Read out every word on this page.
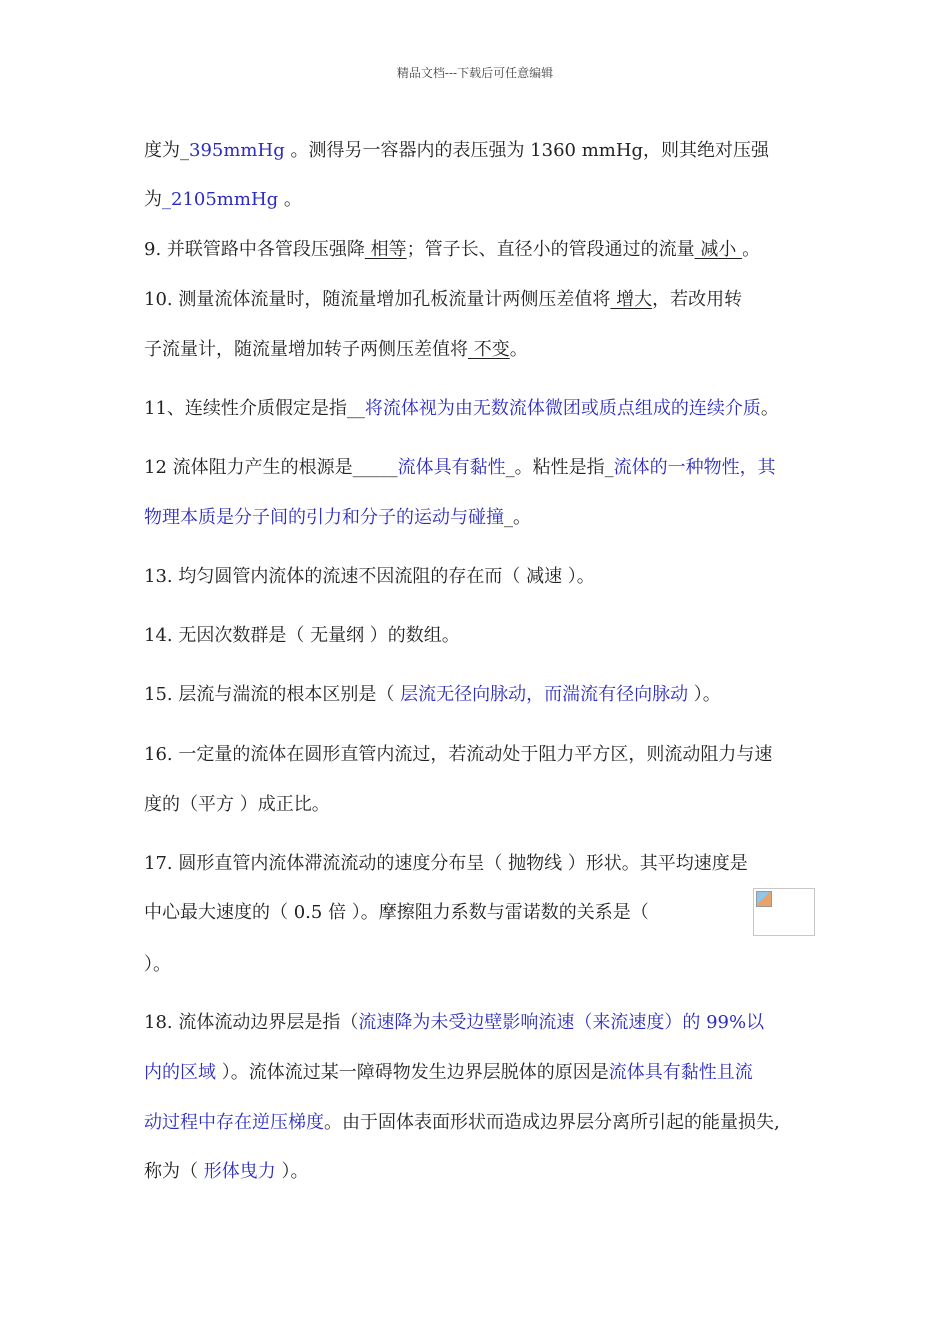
精品文档---下载后可任意编辑
度为_395mmHg 。测得另一容器内的表压强为 1360 mmHg，则其绝对压强
为_2105mmHg 。
9. 并联管路中各管段压强降 相等；管子长、直径小的管段通过的流量 减小 。
10. 测量流体流量时，随流量增加孔板流量计两侧压差值将 增大，若改用转
子流量计，随流量增加转子两侧压差值将 不变。
11、连续性介质假定是指__将流体视为由无数流体微团或质点组成的连续介质。
12 流体阻力产生的根源是_____流体具有黏性_。粘性是指_流体的一种物性，其
物理本质是分子间的引力和分子的运动与碰撞_。
13. 均匀圆管内流体的流速不因流阻的存在而（ 减速 ）。
14. 无因次数群是（ 无量纲 ）的数组。
15. 层流与湍流的根本区别是（ 层流无径向脉动，而湍流有径向脉动 ）。
16. 一定量的流体在圆形直管内流过，若流动处于阻力平方区，则流动阻力与速
度的（平方 ）成正比。
17. 圆形直管内流体滞流流动的速度分布呈（ 抛物线 ）形状。其平均速度是
中心最大速度的（ 0.5 倍 ）。摩擦阻力系数与雷诺数的关系是（
）。
18. 流体流动边界层是指（流速降为未受边壁影响流速（来流速度）的 99%以
内的区域 ）。流体流过某一障碍物发生边界层脱体的原因是流体具有黏性且流
动过程中存在逆压梯度。由于固体表面形状而造成边界层分离所引起的能量损失,
称为（ 形体曳力 ）。
